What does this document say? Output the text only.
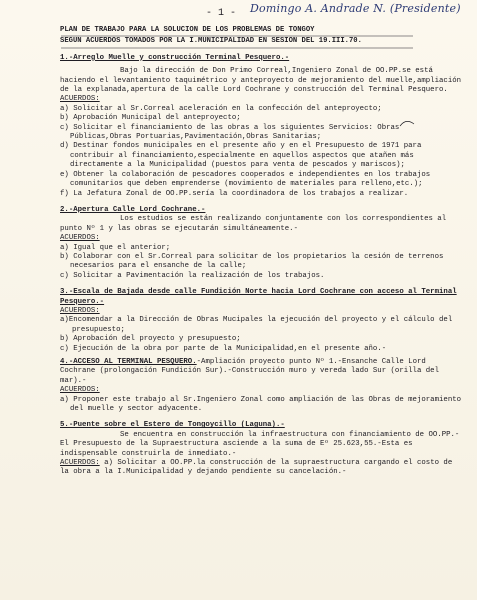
- 1 - Domingo A. Andrade N. (Presidente)
PLAN DE TRABAJO PARA LA SOLUCION DE LOS PROBLEMAS DE TONGOY
SEGUN ACUERDOS TOMADOS POR LA I.MUNICIPALIDAD EN SESION DEL 19.III.70.
1.-Arreglo Muelle y construcción Terminal Pesquero.-
Bajo la dirección de Don Primo Correal,Ingeniero Zonal de OO.PP.se está haciendo el levantamiento taquimétrico y anteproyecto de mejoramiento del muelle,ampliación de la explanada,apertura de la calle Lord Cochrane y construcción del Terminal Pesquero.
ACUERDOS:
a) Solicitar al Sr.Correal aceleración en la confección del anteproyecto;
b) Aprobación Municipal del anteproyecto;
c) Solicitar el financiamiento de las obras a los siguientes Servicios: Obras Públicas,Obras Portuarias,Pavimentación,Obras Sanitarias;
d) Destinar fondos municipales en el presente año y en el Presupuesto de 1971 para contribuir al financiamiento,especialmente en aquellos aspectos que atañen más directamente a la Municipalidad (puestos para venta de pescados y mariscos);
e) Obtener la colaboración de pescadores cooperados e independientes en los trabajos comunitarios que deben emprenderse (movimiento de materiales para relleno,etc.);
f) La Jefatura Zonal de OO.PP.sería la coordinadora de los trabajos a realizar.
2.-Apertura Calle Lord Cochrane.-
Los estudios se están realizando conjuntamente con los correspondientes al punto Nº 1 y las obras se ejecutarán simultáneamente.-
ACUERDOS:
a) Igual que el anterior;
b) Colaborar con el Sr.Correal para solicitar de los propietarios la cesión de terrenos necesarios para el ensanche de la calle;
c) Solicitar a Pavimentación la realización de los trabajos.
3.-Escala de Bajada desde calle Fundición Norte hacia Lord Cochrane con acceso al Terminal Pesquero.-
ACUERDOS:
a)Encomendar a la Dirección de Obras Mucipales la ejecución del proyecto y el cálculo del presupuesto;
b) Aprobación del proyecto y presupuesto;
c) Ejecución de la obra por parte de la Municipalidad,en el presente año.-
4.-ACCESO AL TERMINAL PESQUERO.-Ampliación proyecto punto Nº 1.-Ensanche Calle Lord Cochrane (prolongación Fundición Sur).-Construcción muro y vereda lado Sur (orilla del mar).-
ACUERDOS:
a) Proponer este trabajo al Sr.Ingeniero Zonal como ampliación de las Obras de mejoramiento del muelle y sector adyacente.
5.-Puente sobre el Estero de Tongoycillo (Laguna).-
Se encuentra en construcción la infraestructura con financiamiento de OO.PP.-El Presupuesto de la Supraestructura asciende a la suma de Eº 25.623,55.-Esta es indispensable construirla de inmediato.-
ACUERDOS: a) Solicitar a OO.PP.la construcción de la supraestructura cargando el costo de la obra a la I.Municipalidad y dejando pendiente su cancelación.-
